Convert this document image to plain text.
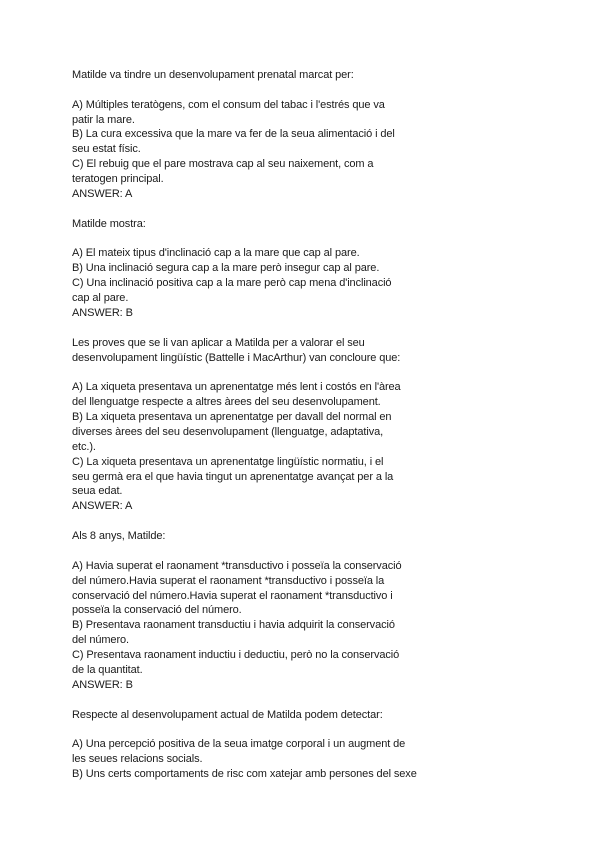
Matilde va tindre un desenvolupament prenatal marcat per:
A) Múltiples teratògens, com el consum del tabac i l'estrés que va
patir la mare.
B) La cura excessiva que la mare va fer de la seua alimentació i del
seu estat físic.
C) El rebuig que el pare mostrava cap al seu naixement, com a
teratogen principal.
ANSWER: A
Matilde mostra:
A) El mateix tipus d'inclinació cap a la mare que cap al pare.
B) Una inclinació segura cap a la mare però insegur cap al pare.
C) Una inclinació positiva cap a la mare però cap mena d'inclinació
cap al pare.
ANSWER: B
Les proves que se li van aplicar a Matilda per a valorar el seu
desenvolupament lingüístic (Battelle i MacArthur) van concloure que:
A) La xiqueta presentava un aprenentatge més lent i costós en l'àrea
del llenguatge respecte a altres àrees del seu desenvolupament.
B) La xiqueta presentava un aprenentatge per davall del normal en
diverses àrees del seu desenvolupament (llenguatge, adaptativa,
etc.).
C) La xiqueta presentava un aprenentatge lingüístic normatiu, i el
seu germà era el que havia tingut un aprenentatge avançat per a la
seua edat.
ANSWER: A
Als 8 anys, Matilde:
A) Havia superat el raonament *transductivo i posseïa la conservació
del número.Havia superat el raonament *transductivo i posseïa la
conservació del número.Havia superat el raonament *transductivo i
posseïa la conservació del número.
B) Presentava raonament transductiu i havia adquirit la conservació
del número.
C) Presentava raonament inductiu i deductiu, però no la conservació
de la quantitat.
ANSWER: B
Respecte al desenvolupament actual de Matilda podem detectar:
A) Una percepció positiva de la seua imatge corporal i un augment de
les seues relacions socials.
B) Uns certs comportaments de risc com xatejar amb persones del sexe
